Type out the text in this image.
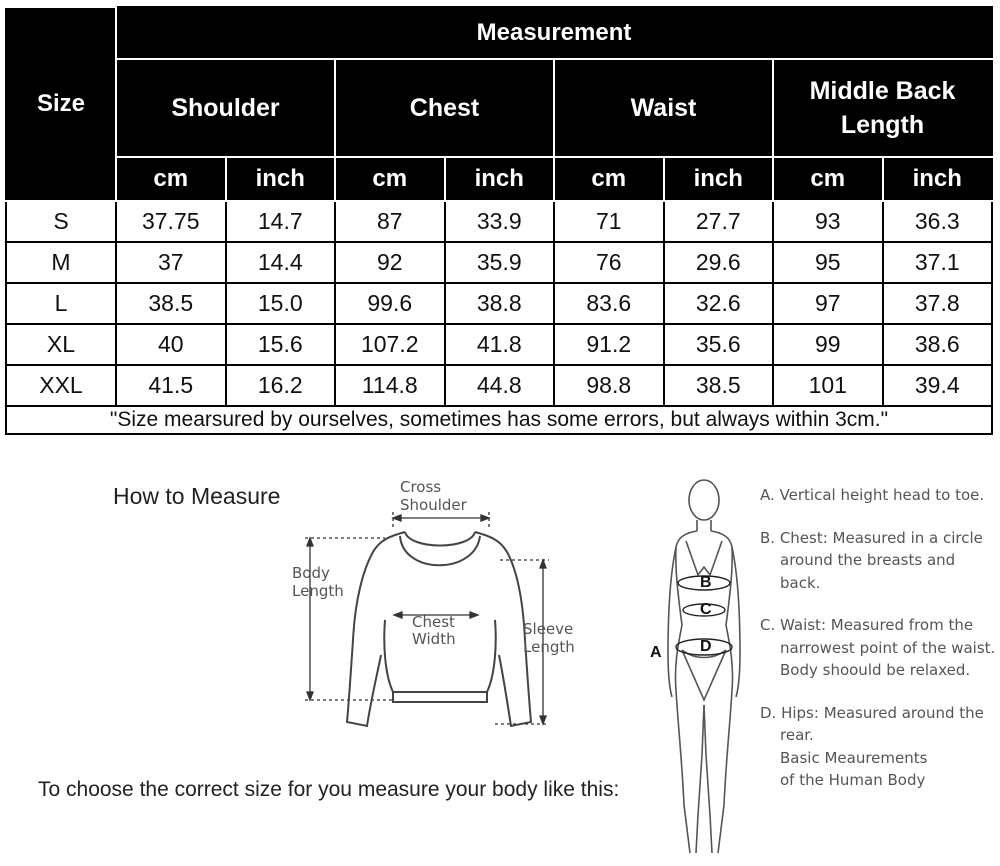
Size	Measurement							
	Shoulder		Chest		Waist		Middle Back Length	

	cm	inch	cm	inch	cm	inch	cm	inch
S	37.75	14.7	87	33.9	71	27.7	93	36.3
M	37	14.4	92	35.9	76	29.6	95	37.1
L	38.5	15.0	99.6	38.8	83.6	32.6	97	37.8
XL	40	15.6	107.2	41.8	91.2	35.6	99	38.6
XXL	41.5	16.2	114.8	44.8	98.8	38.5	101	39.4
"Size mearsured by ourselves, sometimes has some errors, but always within 3cm."								
How to Measure	Cross
Shoulder
Body
Length
Chest
Width
Sleeve
Length
B
C
D
A
A. Vertical height head to toe.
B. Chest: Measured in a circle around the breasts and back.
C. Waist: Measured from the narrowest point of the waist. Body shoould be relaxed.
D. Hips: Measured around the rear.
Basic Meaurements
of the Human Body
To choose the correct size for you measure your body like this:
